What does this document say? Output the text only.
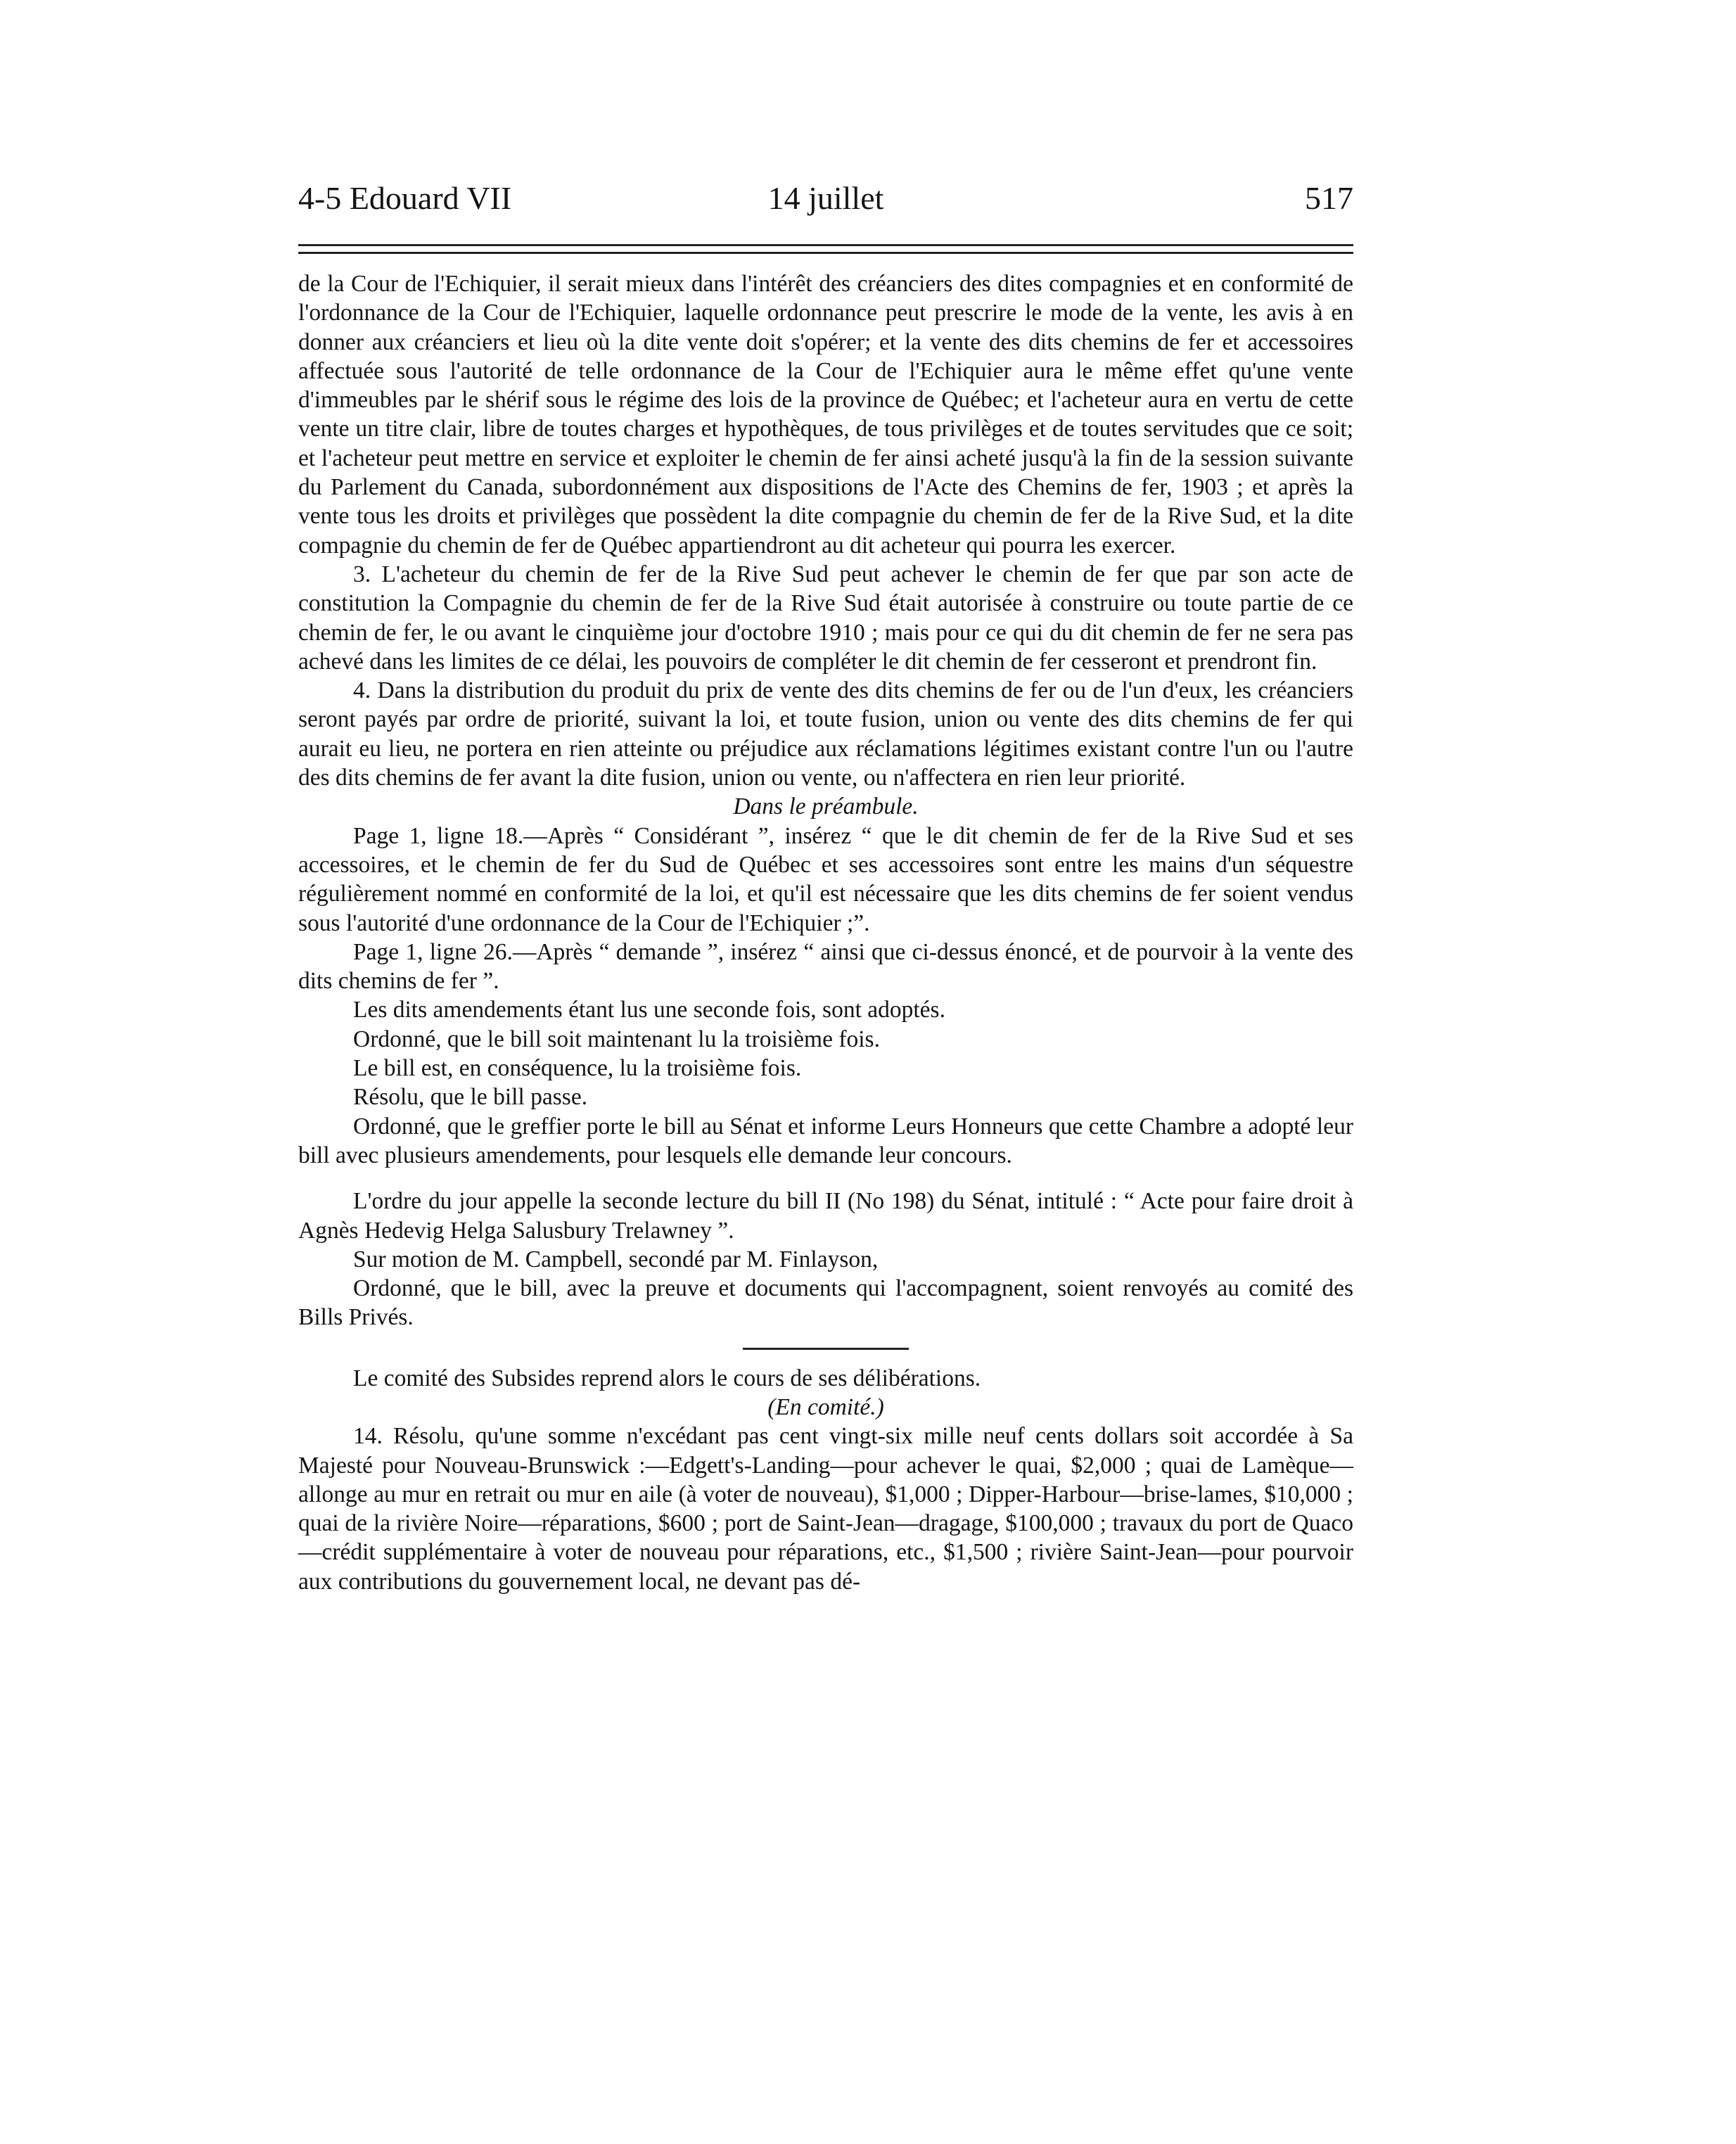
4-5 Edouard VII	14 juillet	517

de la Cour de l'Echiquier, il serait mieux dans l'intérêt des créanciers des dites compagnies et en conformité de l'ordonnance de la Cour de l'Echiquier, laquelle ordonnance peut prescrire le mode de la vente, les avis à en donner aux créanciers et lieu où la dite vente doit s'opérer; et la vente des dits chemins de fer et accessoires affectuée sous l'autorité de telle ordonnance de la Cour de l'Echiquier aura le même effet qu'une vente d'immeubles par le shérif sous le régime des lois de la province de Québec; et l'acheteur aura en vertu de cette vente un titre clair, libre de toutes charges et hypothèques, de tous privilèges et de toutes servitudes que ce soit; et l'acheteur peut mettre en service et exploiter le chemin de fer ainsi acheté jusqu'à la fin de la session suivante du Parlement du Canada, subordonnément aux dispositions de l'Acte des Chemins de fer, 1903 ; et après la vente tous les droits et privilèges que possèdent la dite compagnie du chemin de fer de la Rive Sud, et la dite compagnie du chemin de fer de Québec appartiendront au dit acheteur qui pourra les exercer.

3. L'acheteur du chemin de fer de la Rive Sud peut achever le chemin de fer que par son acte de constitution la Compagnie du chemin de fer de la Rive Sud était autorisée à construire ou toute partie de ce chemin de fer, le ou avant le cinquième jour d'octobre 1910 ; mais pour ce qui du dit chemin de fer ne sera pas achevé dans les limites de ce délai, les pouvoirs de compléter le dit chemin de fer cesseront et prendront fin.

4. Dans la distribution du produit du prix de vente des dits chemins de fer ou de l'un d'eux, les créanciers seront payés par ordre de priorité, suivant la loi, et toute fusion, union ou vente des dits chemins de fer qui aurait eu lieu, ne portera en rien atteinte ou préjudice aux réclamations légitimes existant contre l'un ou l'autre des dits chemins de fer avant la dite fusion, union ou vente, ou n'affectera en rien leur priorité.

Dans le préambule.

Page 1, ligne 18.—Après “ Considérant ”, insérez “ que le dit chemin de fer de la Rive Sud et ses accessoires, et le chemin de fer du Sud de Québec et ses accessoires sont entre les mains d'un séquestre régulièrement nommé en conformité de la loi, et qu'il est nécessaire que les dits chemins de fer soient vendus sous l'autorité d'une ordonnance de la Cour de l'Echiquier ;”.

Page 1, ligne 26.—Après “ demande ”, insérez “ ainsi que ci-dessus énoncé, et de pourvoir à la vente des dits chemins de fer ”.

Les dits amendements étant lus une seconde fois, sont adoptés.

Ordonné, que le bill soit maintenant lu la troisième fois.

Le bill est, en conséquence, lu la troisième fois.

Résolu, que le bill passe.

Ordonné, que le greffier porte le bill au Sénat et informe Leurs Honneurs que cette Chambre a adopté leur bill avec plusieurs amendements, pour lesquels elle demande leur concours.

L'ordre du jour appelle la seconde lecture du bill II (No 198) du Sénat, intitulé : “ Acte pour faire droit à Agnès Hedevig Helga Salusbury Trelawney ”.

Sur motion de M. Campbell, secondé par M. Finlayson,

Ordonné, que le bill, avec la preuve et documents qui l'accompagnent, soient renvoyés au comité des Bills Privés.

Le comité des Subsides reprend alors le cours de ses délibérations.

(En comité.)

14. Résolu, qu'une somme n'excédant pas cent vingt-six mille neuf cents dollars soit accordée à Sa Majesté pour Nouveau-Brunswick :—Edgett's-Landing—pour achever le quai, $2,000 ; quai de Lamèque—allonge au mur en retrait ou mur en aile (à voter de nouveau), $1,000 ; Dipper-Harbour—brise-lames, $10,000 ; quai de la rivière Noire—réparations, $600 ; port de Saint-Jean—dragage, $100,000 ; travaux du port de Quaco—crédit supplémentaire à voter de nouveau pour réparations, etc., $1,500 ; rivière Saint-Jean—pour pourvoir aux contributions du gouvernement local, ne devant pas dé-
